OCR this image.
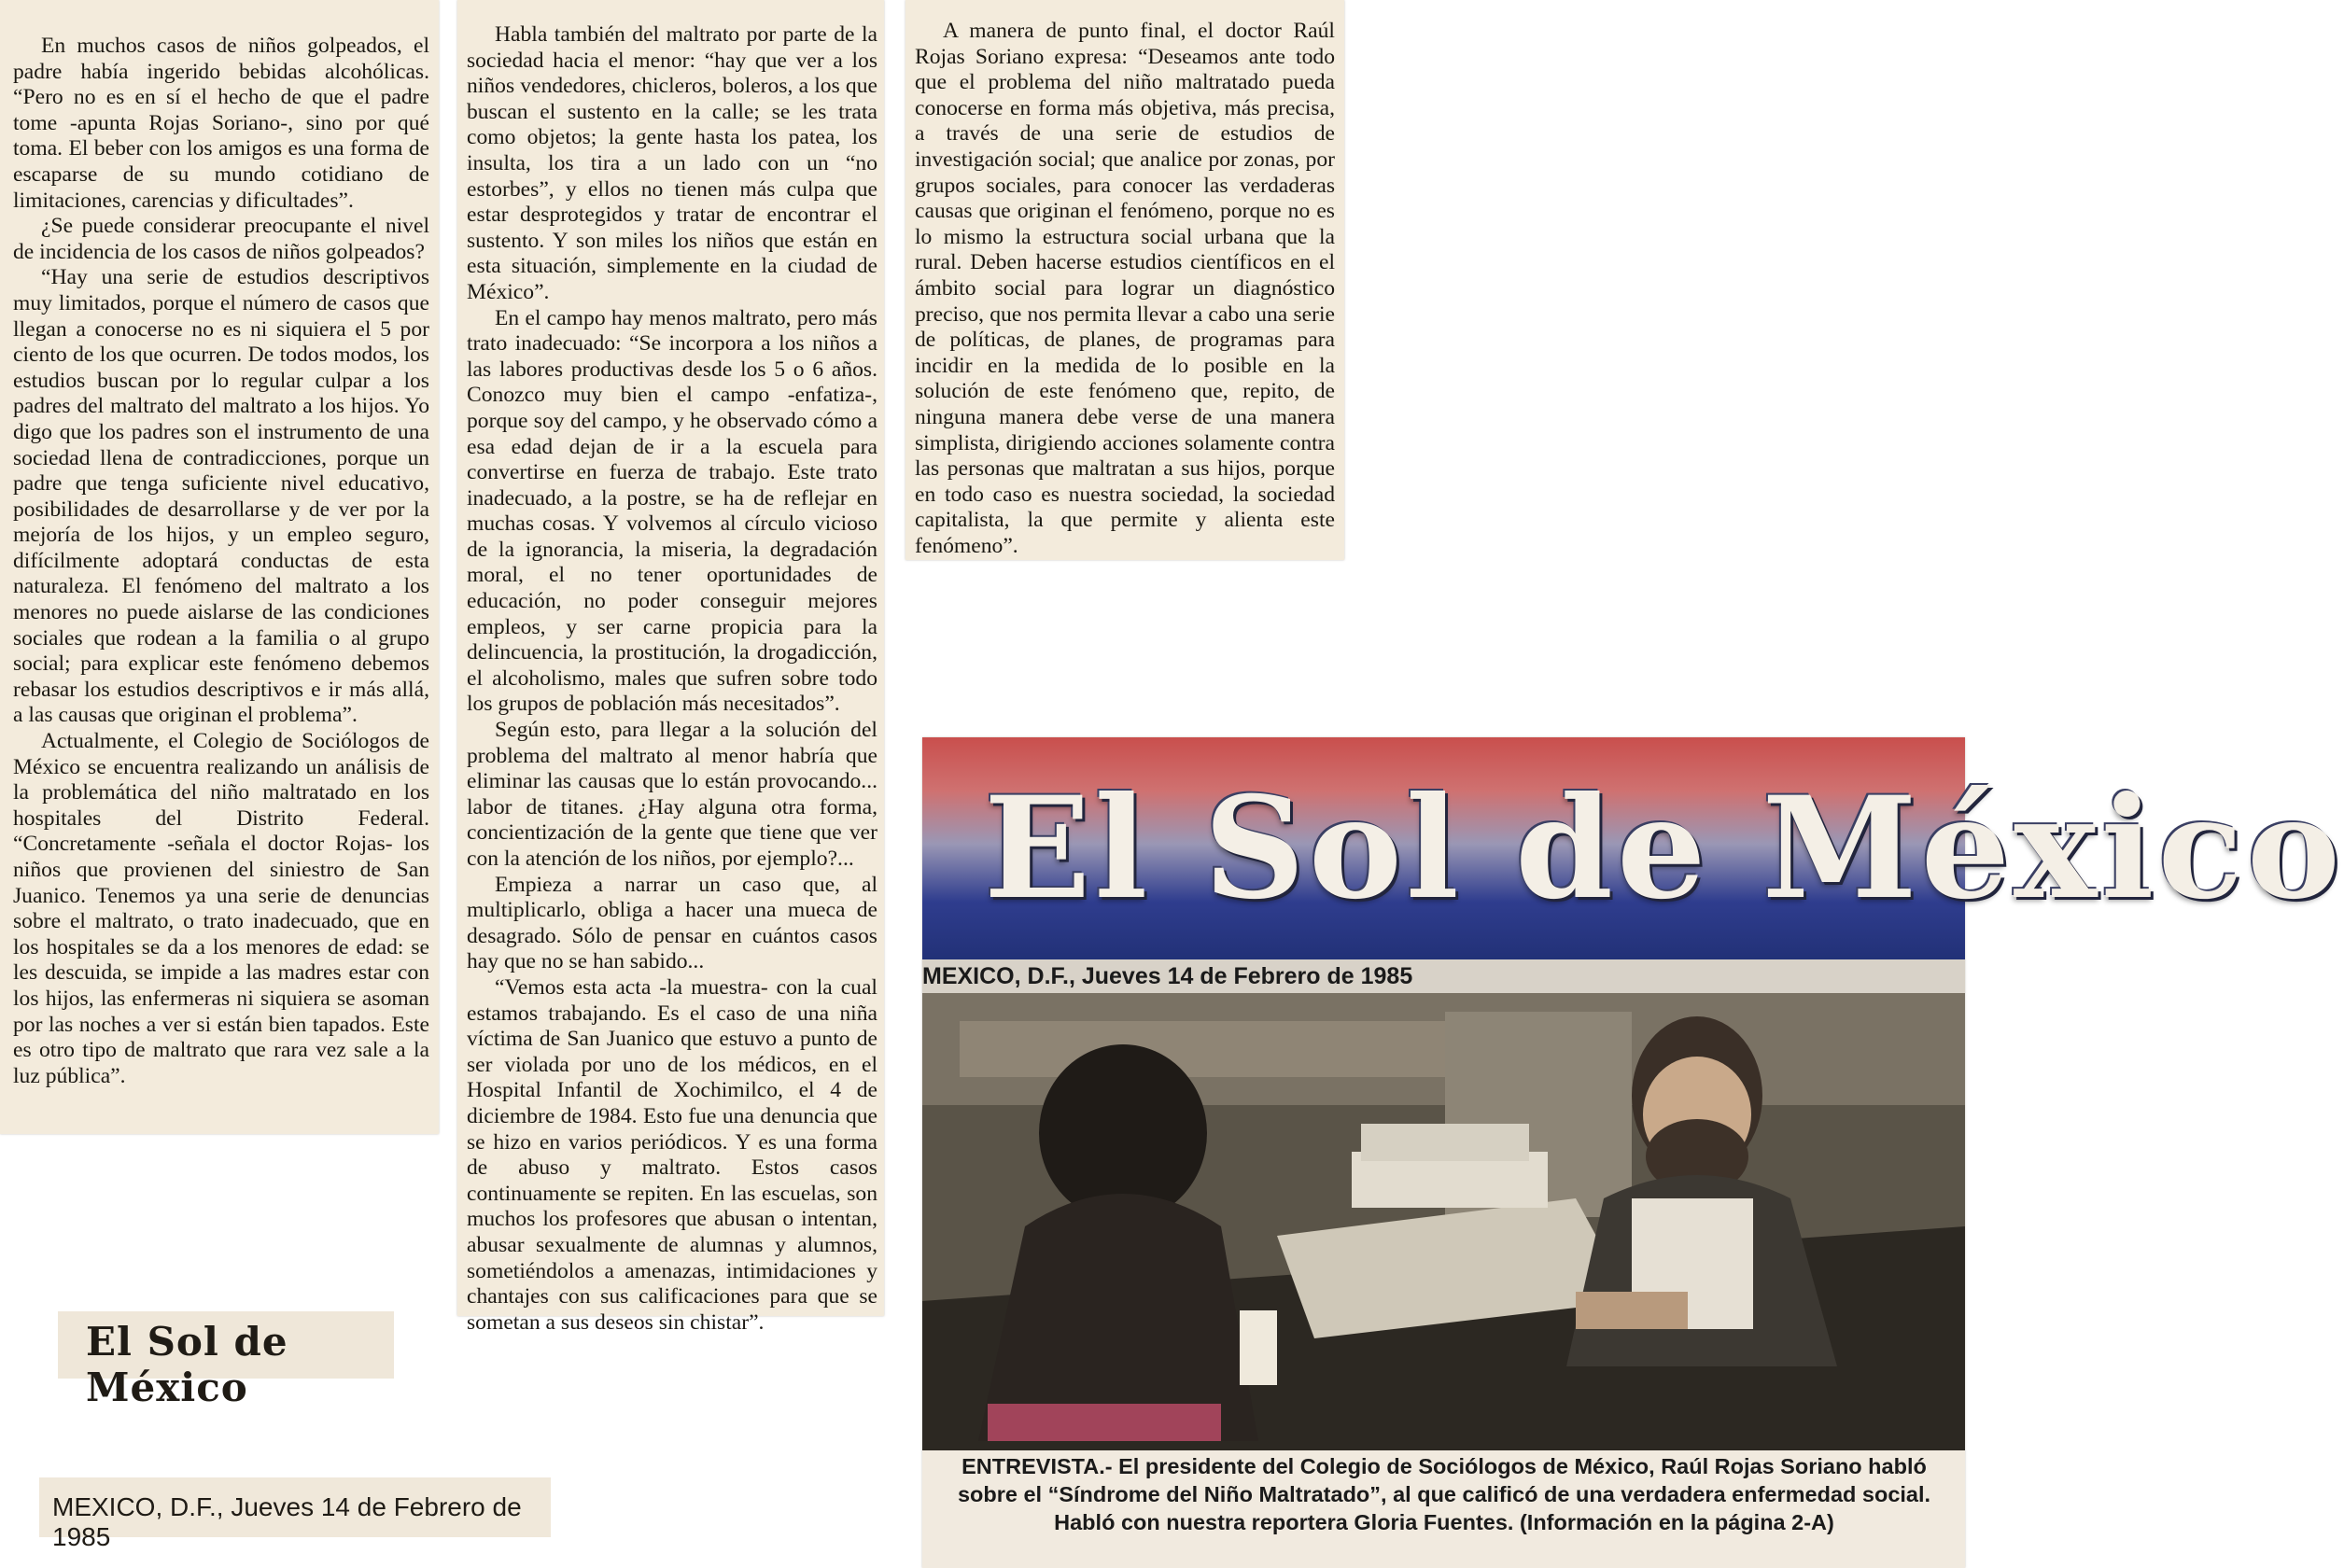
En muchos casos de niños golpeados, el padre había ingerido bebidas alcohólicas. “Pero no es en sí el hecho de que el padre tome -apunta Rojas Soriano-, sino por qué toma. El beber con los amigos es una forma de escaparse de su mundo cotidiano de limitaciones, carencias y dificultades”.

¿Se puede considerar preocupante el nivel de incidencia de los casos de niños golpeados?

“Hay una serie de estudios descriptivos muy limitados, porque el número de casos que llegan a conocerse no es ni siquiera el 5 por ciento de los que ocurren. De todos modos, los estudios buscan por lo regular culpar a los padres del maltrato del maltrato a los hijos. Yo digo que los padres son el instrumento de una sociedad llena de contradicciones, porque un padre que tenga suficiente nivel educativo, posibilidades de desarrollarse y de ver por la mejoría de los hijos, y un empleo seguro, difícilmente adoptará conductas de esta naturaleza. El fenómeno del maltrato a los menores no puede aislarse de las condiciones sociales que rodean a la familia o al grupo social; para explicar este fenómeno debemos rebasar los estudios descriptivos e ir más allá, a las causas que originan el problema”.

Actualmente, el Colegio de Sociólogos de México se encuentra realizando un análisis de la problemática del niño maltratado en los hospitales del Distrito Federal. “Concretamente -señala el doctor Rojas- los niños que provienen del siniestro de San Juanico. Tenemos ya una serie de denuncias sobre el maltrato, o trato inadecuado, que en los hospitales se da a los menores de edad: se les descuida, se impide a las madres estar con los hijos, las enfermeras ni siquiera se asoman por las noches a ver si están bien tapados. Este es otro tipo de maltrato que rara vez sale a la luz pública”.

Habla también del maltrato por parte de la sociedad hacia el menor: “hay que ver a los niños vendedores, chicleros, boleros, a los que buscan el sustento en la calle; se les trata como objetos; la gente hasta los patea, los insulta, los tira a un lado con un “no estorbes”, y ellos no tienen más culpa que estar desprotegidos y tratar de encontrar el sustento. Y son miles los niños que están en esta situación, simplemente en la ciudad de México”.

En el campo hay menos maltrato, pero más trato inadecuado: “Se incorpora a los niños a las labores productivas desde los 5 o 6 años. Conozco muy bien el campo -enfatiza-, porque soy del campo, y he observado cómo a esa edad dejan de ir a la escuela para convertirse en fuerza de trabajo. Este trato inadecuado, a la postre, se ha de reflejar en muchas cosas. Y volvemos al círculo vicioso de la ignorancia, la miseria, la degradación moral, el no tener oportunidades de educación, no poder conseguir mejores empleos, y ser carne propicia para la delincuencia, la prostitución, la drogadicción, el alcoholismo, males que sufren sobre todo los grupos de población más necesitados”.

Según esto, para llegar a la solución del problema del maltrato al menor habría que eliminar las causas que lo están provocando... labor de titanes. ¿Hay alguna otra forma, concientización de la gente que tiene que ver con la atención de los niños, por ejemplo?...

Empieza a narrar un caso que, al multiplicarlo, obliga a hacer una mueca de desagrado. Sólo de pensar en cuántos casos hay que no se han sabido...

“Vemos esta acta -la muestra- con la cual estamos trabajando. Es el caso de una niña víctima de San Juanico que estuvo a punto de ser violada por uno de los médicos, en el Hospital Infantil de Xochimilco, el 4 de diciembre de 1984. Esto fue una denuncia que se hizo en varios periódicos. Y es una forma de abuso y maltrato. Estos casos continuamente se repiten. En las escuelas, son muchos los profesores que abusan o intentan, abusar sexualmente de alumnas y alumnos, sometiéndolos a amenazas, intimidaciones y chantajes con sus calificaciones para que se sometan a sus deseos sin chistar”.

A manera de punto final, el doctor Raúl Rojas Soriano expresa: “Deseamos ante todo que el problema del niño maltratado pueda conocerse en forma más objetiva, más precisa, a través de una serie de estudios de investigación social; que analice por zonas, por grupos sociales, para conocer las verdaderas causas que originan el fenómeno, porque no es lo mismo la estructura social urbana que la rural. Deben hacerse estudios científicos en el ámbito social para lograr un diagnóstico preciso, que nos permita llevar a cabo una serie de políticas, de planes, de programas para incidir en la medida de lo posible en la solución de este fenómeno que, repito, de ninguna manera debe verse de una manera simplista, dirigiendo acciones solamente contra las personas que maltratan a sus hijos, porque en todo caso es nuestra sociedad, la sociedad capitalista, la que permite y alienta este fenómeno”.

El Sol de México
MEXICO, D.F., Jueves 14 de Febrero de 1985
ENTREVISTA.- El presidente del Colegio de Sociólogos de México, Raúl Rojas Soriano habló sobre el “Síndrome del Niño Maltratado”, al que calificó de una verdadera enfermedad social. Habló con nuestra reportera Gloria Fuentes. (Información en la página 2-A)
El Sol de México
MEXICO, D.F., Jueves 14 de Febrero de 1985
